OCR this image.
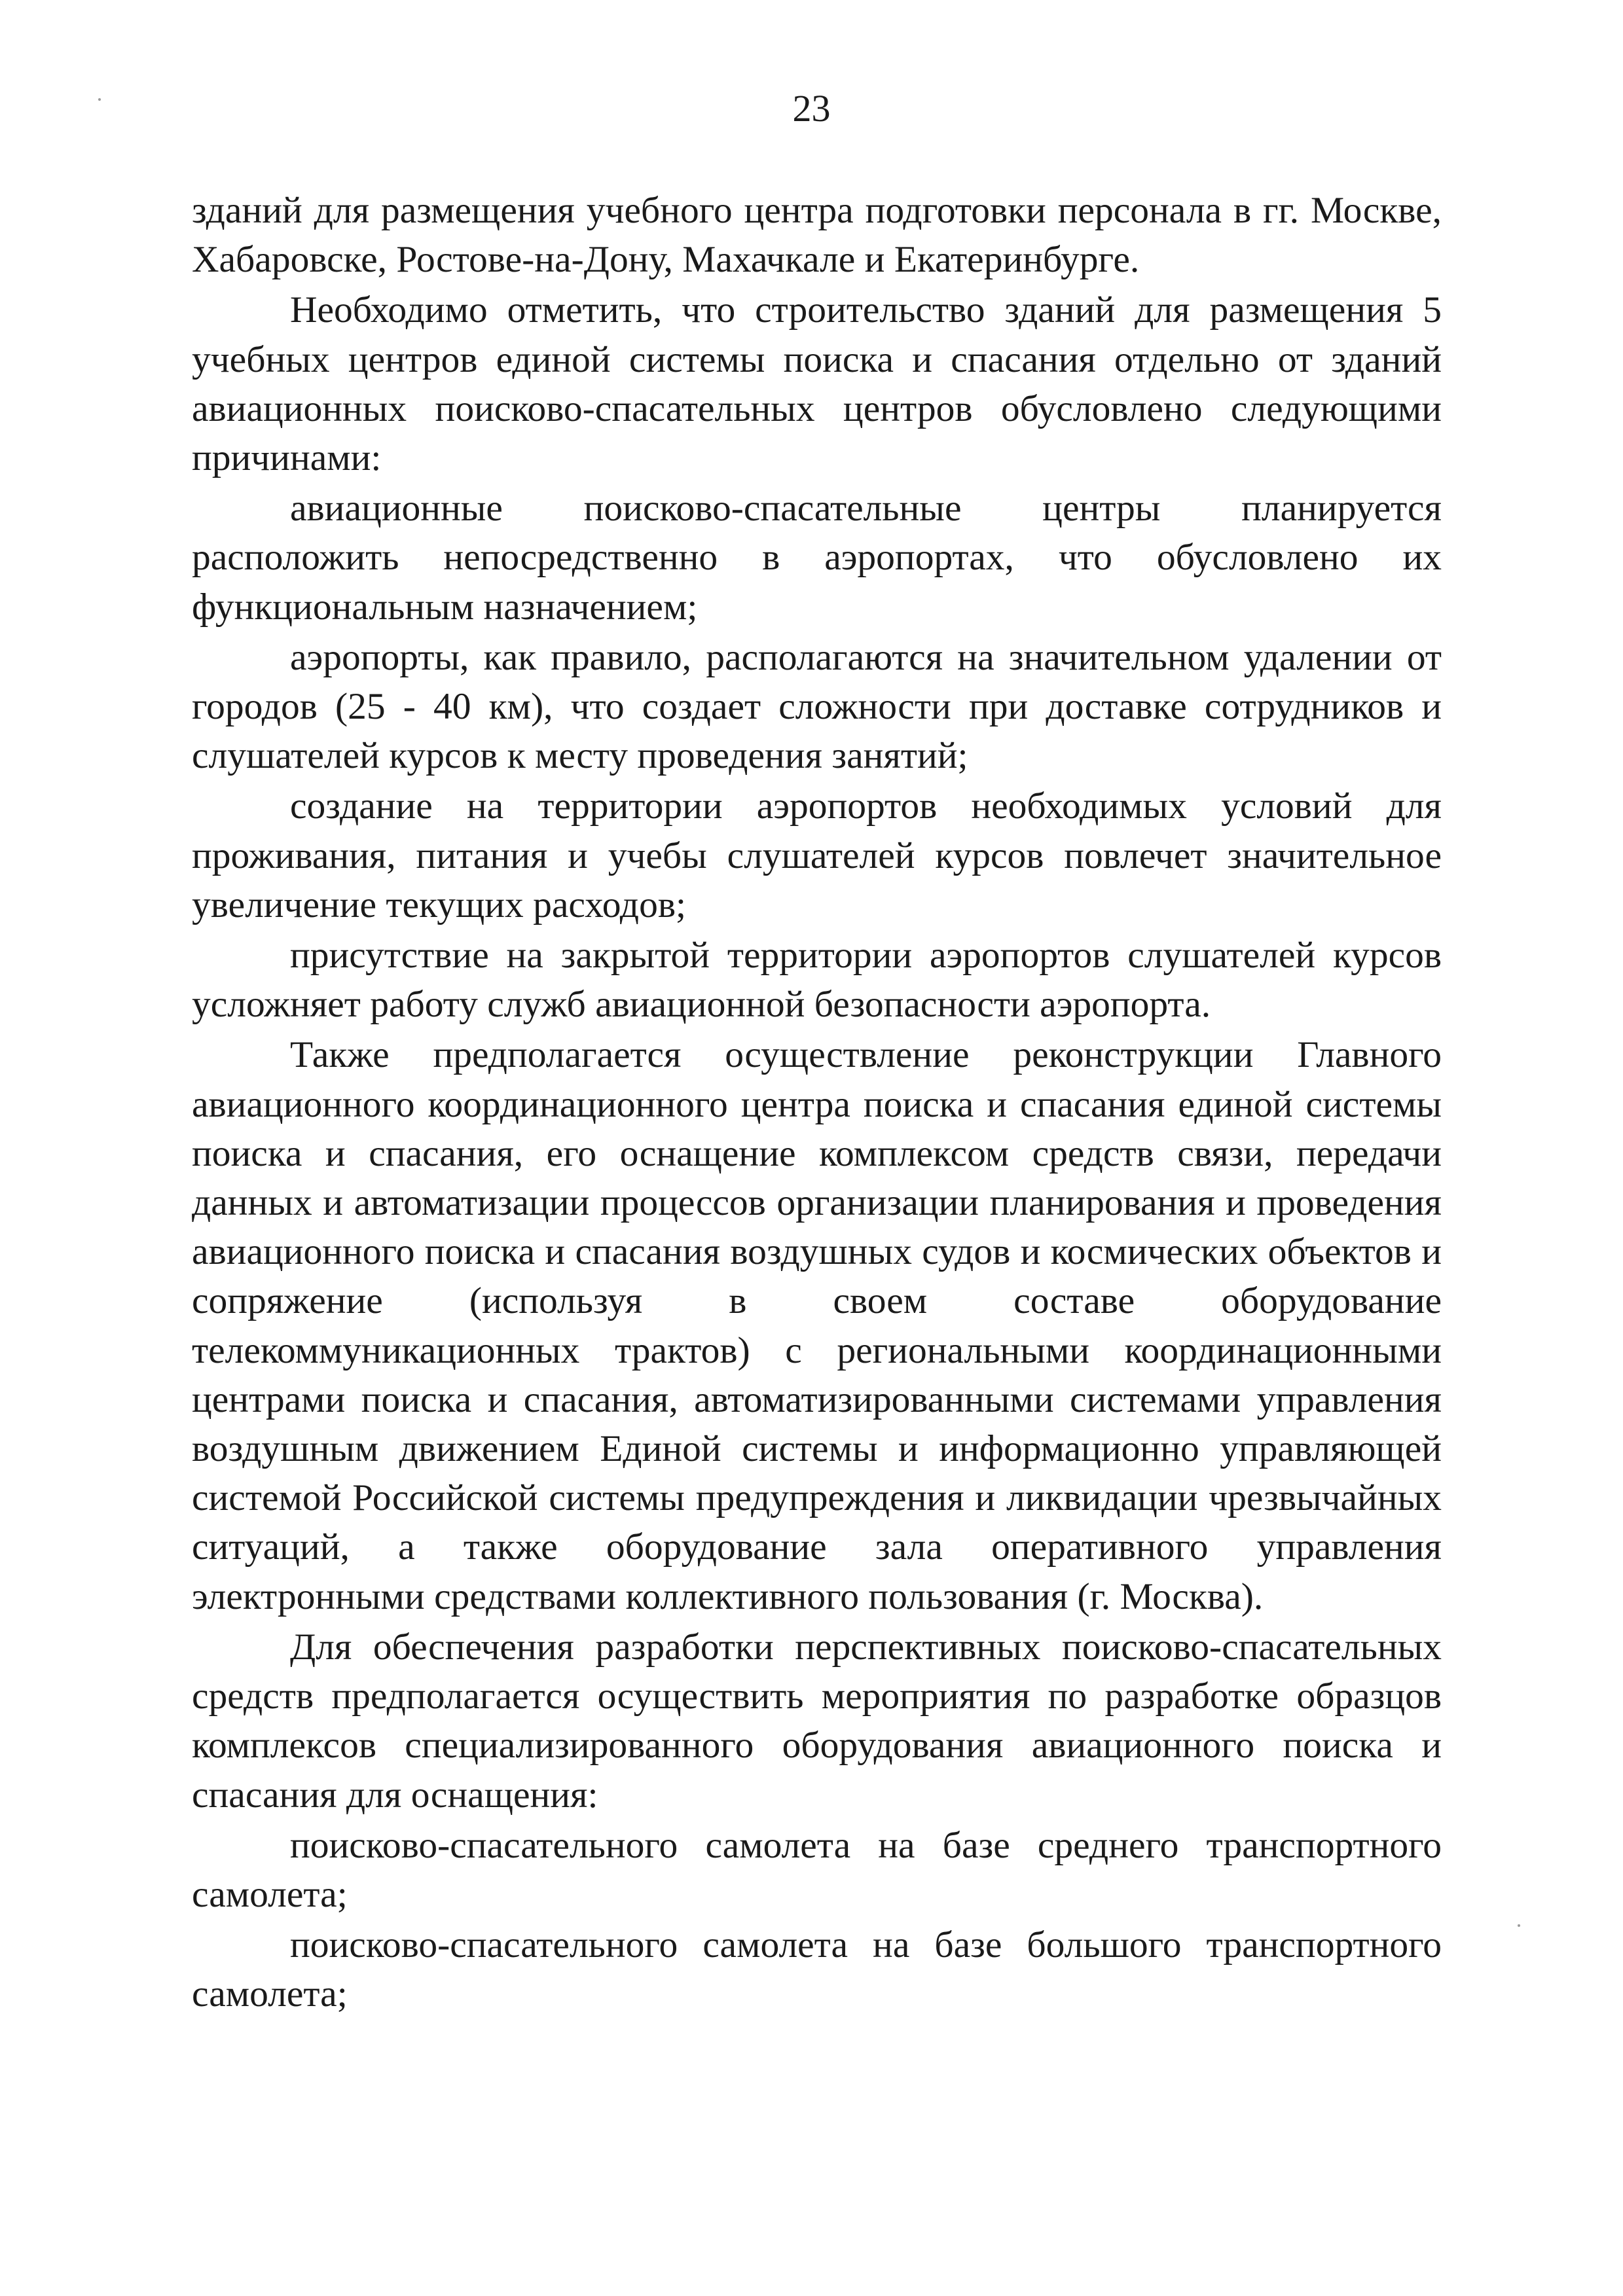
23

зданий для размещения учебного центра подготовки персонала в гг. Москве, Хабаровске, Ростове-на-Дону, Махачкале и Екатеринбурге.

Необходимо отметить, что строительство зданий для размещения 5 учебных центров единой системы поиска и спасания отдельно от зданий авиационных поисково-спасательных центров обусловлено следующими причинами:

авиационные поисково-спасательные центры планируется расположить непосредственно в аэропортах, что обусловлено их функциональным назначением;

аэропорты, как правило, располагаются на значительном удалении от городов (25 - 40 км), что создает сложности при доставке сотрудников и слушателей курсов к месту проведения занятий;

создание на территории аэропортов необходимых условий для проживания, питания и учебы слушателей курсов повлечет значительное увеличение текущих расходов;

присутствие на закрытой территории аэропортов слушателей курсов усложняет работу служб авиационной безопасности аэропорта.

Также предполагается осуществление реконструкции Главного авиационного координационного центра поиска и спасания единой системы поиска и спасания, его оснащение комплексом средств связи, передачи данных и автоматизации процессов организации планирования и проведения авиационного поиска и спасания воздушных судов и космических объектов и сопряжение (используя в своем составе оборудование телекоммуникационных трактов) с региональными координационными центрами поиска и спасания, автоматизированными системами управления воздушным движением Единой системы и информационно управляющей системой Российской системы предупреждения и ликвидации чрезвычайных ситуаций, а также оборудование зала оперативного управления электронными средствами коллективного пользования (г. Москва).

Для обеспечения разработки перспективных поисково-спасательных средств предполагается осуществить мероприятия по разработке образцов комплексов специализированного оборудования авиационного поиска и спасания для оснащения:

поисково-спасательного самолета на базе среднего транспортного самолета;

поисково-спасательного самолета на базе большого транспортного самолета;
